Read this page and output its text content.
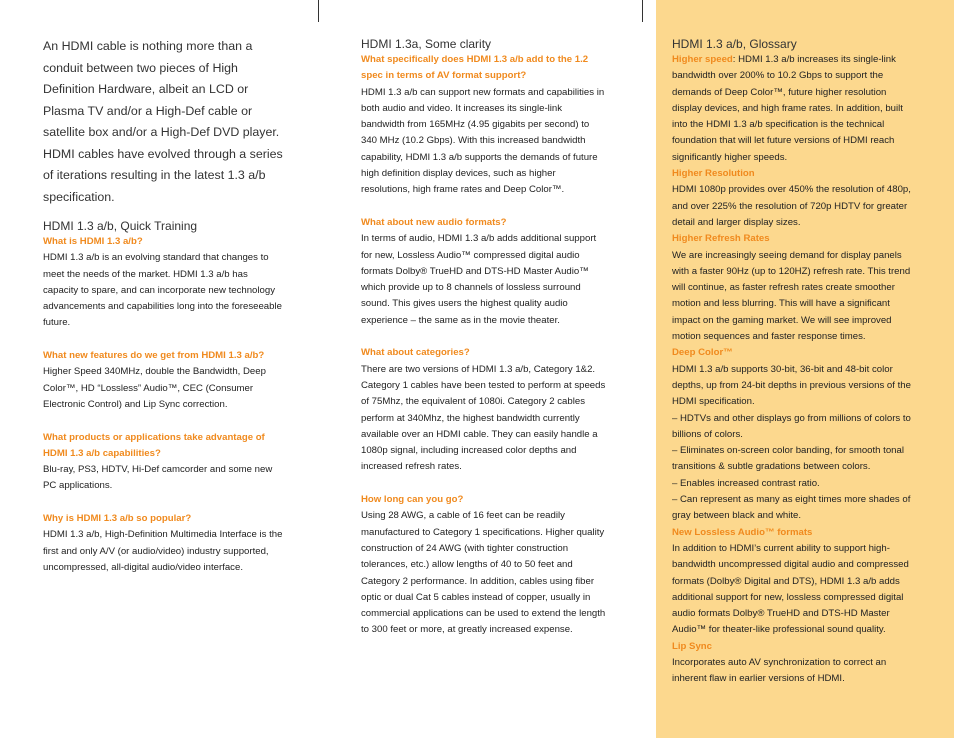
An HDMI cable is nothing more than a conduit between two pieces of High Definition Hardware, albeit an LCD or Plasma TV and/or a High-Def cable or satellite box and/or a High-Def DVD player. HDMI cables have evolved through a series of iterations resulting in the latest 1.3 a/b specification.

HDMI 1.3 a/b, Quick Training

What is HDMI 1.3 a/b?

HDMI 1.3 a/b is an evolving standard that changes to meet the needs of the market. HDMI 1.3 a/b has capacity to spare, and can incorporate new technology advancements and capabilities long into the foreseeable future.

What new features do we get from HDMI 1.3 a/b?

Higher Speed 340MHz, double the Bandwidth, Deep Color™, HD “Lossless” Audio™, CEC (Consumer Electronic Control) and Lip Sync correction.

What products or applications take advantage of HDMI 1.3 a/b capabilities?

Blu-ray, PS3, HDTV, Hi-Def camcorder and some new PC applications.

Why is HDMI 1.3 a/b so popular?

HDMI 1.3 a/b, High-Definition Multimedia Interface is the first and only A/V (or audio/video) industry supported, uncompressed, all-digital audio/video interface.

HDMI 1.3a, Some clarity

What specifically does HDMI 1.3 a/b add to the 1.2 spec in terms of AV format support?

HDMI 1.3 a/b can support new formats and capabilities in both audio and video. It increases its single-link bandwidth from 165MHz (4.95 gigabits per second) to 340 MHz (10.2 Gbps). With this increased bandwidth capability, HDMI 1.3 a/b supports the demands of future high definition display devices, such as higher resolutions, high frame rates and Deep Color™.

What about new audio formats?

In terms of audio, HDMI 1.3 a/b adds additional support for new, Lossless Audio™ compressed digital audio formats Dolby® TrueHD and DTS-HD Master Audio™ which provide up to 8 channels of lossless surround sound. This gives users the highest quality audio experience – the same as in the movie theater.

What about categories?

There are two versions of HDMI 1.3 a/b, Category 1&2. Category 1 cables have been tested to perform at speeds of 75Mhz, the equivalent of 1080i. Category 2 cables perform at 340Mhz, the highest bandwidth currently available over an HDMI cable. They can easily handle a 1080p signal, including increased color depths and increased refresh rates.

How long can you go?

Using 28 AWG, a cable of 16 feet can be readily manufactured to Category 1 specifications. Higher quality construction of 24 AWG (with tighter construction tolerances, etc.) allow lengths of 40 to 50 feet and Category 2 performance. In addition, cables using fiber optic or dual Cat 5 cables instead of copper, usually in commercial applications can be used to extend the length to 300 feet or more, at greatly increased expense.

HDMI 1.3 a/b, Glossary

Higher speed: HDMI 1.3 a/b increases its single-link bandwidth over 200% to 10.2 Gbps to support the demands of Deep Color™, future higher resolution display devices, and high frame rates. In addition, built into the HDMI 1.3 a/b specification is the technical foundation that will let future versions of HDMI reach significantly higher speeds.

Higher Resolution

HDMI 1080p provides over 450% the resolution of 480p, and over 225% the resolution of 720p HDTV for greater detail and larger display sizes.

Higher Refresh Rates

We are increasingly seeing demand for display panels with a faster 90Hz (up to 120HZ) refresh rate. This trend will continue, as faster refresh rates create smoother motion and less blurring. This will have a significant impact on the gaming market. We will see improved motion sequences and faster response times.

Deep Color™

HDMI 1.3 a/b supports 30-bit, 36-bit and 48-bit color depths, up from 24-bit depths in previous versions of the HDMI specification.

– HDTVs and other displays go from millions of colors to billions of colors.

– Eliminates on-screen color banding, for smooth tonal transitions & subtle gradations between colors.

– Enables increased contrast ratio.

– Can represent as many as eight times more shades of gray between black and white.

New Lossless Audio™ formats

In addition to HDMI’s current ability to support high-bandwidth uncompressed digital audio and compressed formats (Dolby® Digital and DTS), HDMI 1.3 a/b adds additional support for new, lossless compressed digital audio formats Dolby® TrueHD and DTS-HD Master Audio™ for theater-like professional sound quality.

Lip Sync

Incorporates auto AV synchronization to correct an inherent flaw in earlier versions of HDMI.
